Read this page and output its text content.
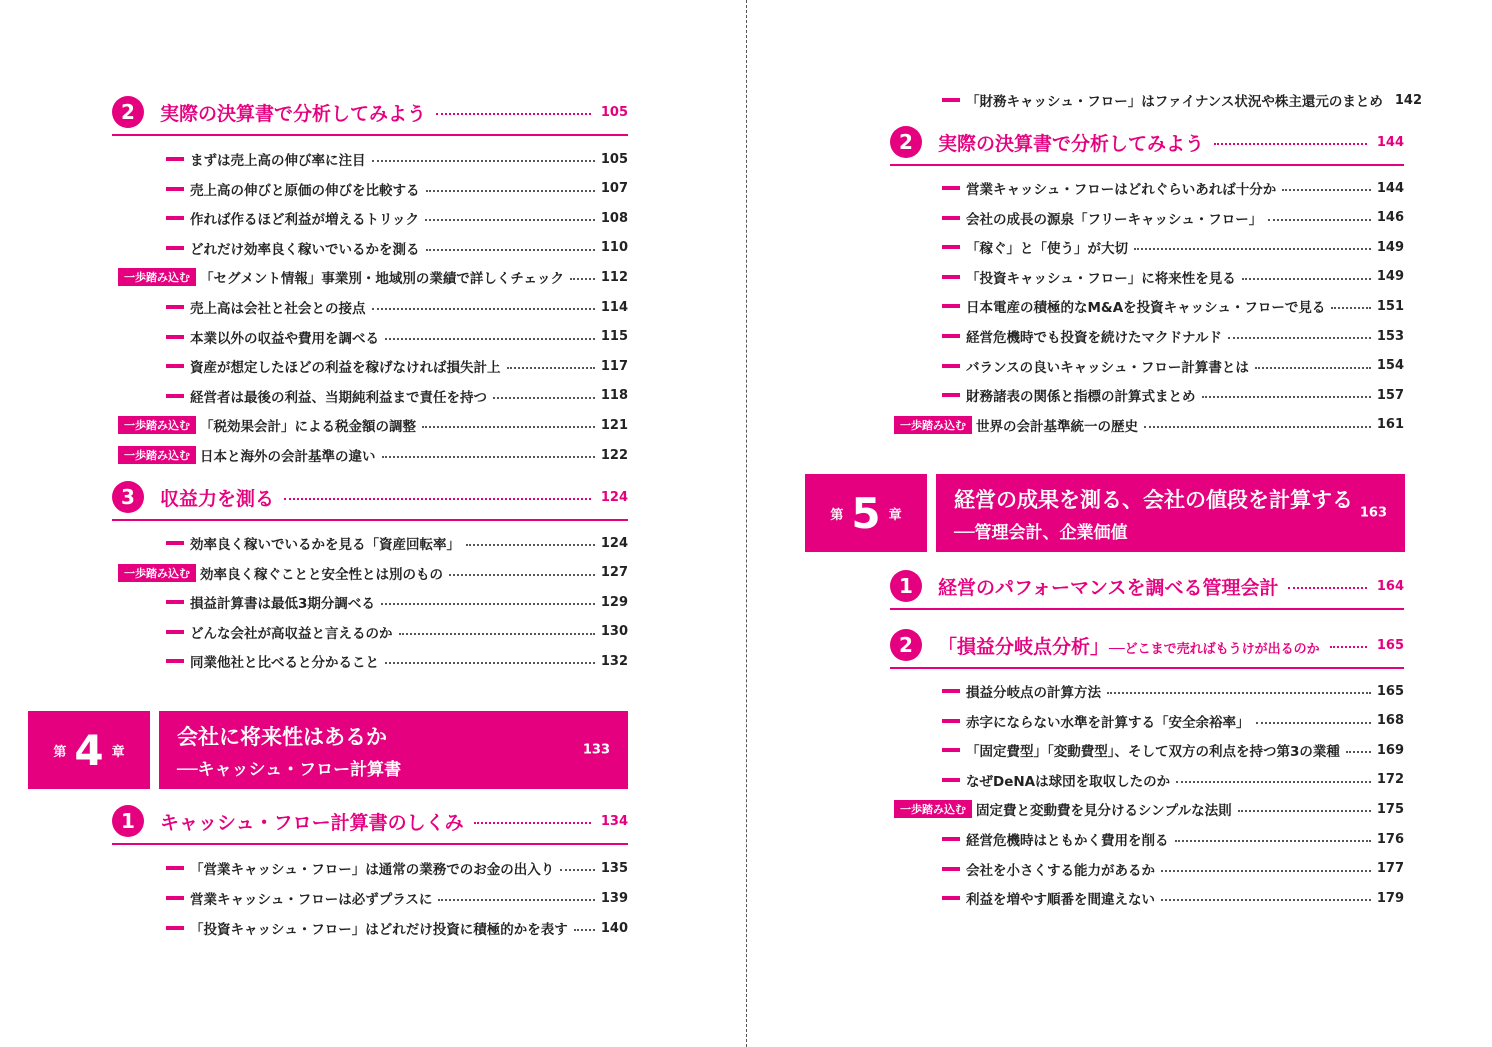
2	実際の決算書で分析してみよう	105
まずは売上高の伸び率に注目	105
売上高の伸びと原価の伸びを比較する	107
作れば作るほど利益が増えるトリック	108
どれだけ効率良く稼いでいるかを測る	110
一歩踏み込む 「セグメント情報」事業別・地域別の業績で詳しくチェック	112
売上高は会社と社会との接点	114
本業以外の収益や費用を調べる	115
資産が想定したほどの利益を稼げなければ損失計上	117
経営者は最後の利益、当期純利益まで責任を持つ	118
一歩踏み込む 「税効果会計」による税金額の調整	121
一歩踏み込む 日本と海外の会計基準の違い	122
3	収益力を測る	124
効率良く稼いでいるかを見る「資産回転率」	124
一歩踏み込む 効率良く稼ぐことと安全性とは別のもの	127
損益計算書は最低3期分調べる	129
どんな会社が高収益と言えるのか	130
同業他社と比べると分かること	132
第 4 章
会社に将来性はあるか
──キャッシュ・フロー計算書
133
1	キャッシュ・フロー計算書のしくみ	134
「営業キャッシュ・フロー」は通常の業務でのお金の出入り	135
営業キャッシュ・フローは必ずプラスに	139
「投資キャッシュ・フロー」はどれだけ投資に積極的かを表す	140
「財務キャッシュ・フロー」はファイナンス状況や株主還元のまとめ 142
2	実際の決算書で分析してみよう	144
営業キャッシュ・フローはどれぐらいあれば十分か	144
会社の成長の源泉「フリーキャッシュ・フロー」	146
「稼ぐ」と「使う」が大切	149
「投資キャッシュ・フロー」に将来性を見る	149
日本電産の積極的なM&Aを投資キャッシュ・フローで見る	151
経営危機時でも投資を続けたマクドナルド	153
バランスの良いキャッシュ・フロー計算書とは	154
財務諸表の関係と指標の計算式まとめ	157
一歩踏み込む 世界の会計基準統一の歴史	161
第 5 章
経営の成果を測る、会社の値段を計算する
──管理会計、企業価値
163
1	経営のパフォーマンスを調べる管理会計	164
2	「損益分岐点分析」──どこまで売ればもうけが出るのか	165
損益分岐点の計算方法	165
赤字にならない水準を計算する「安全余裕率」	168
「固定費型」「変動費型」、そして双方の利点を持つ第3の業種	169
なぜDeNAは球団を取収したのか	172
一歩踏み込む 固定費と変動費を見分けるシンプルな法則	175
経営危機時はともかく費用を削る	176
会社を小さくする能力があるか	177
利益を増やす順番を間違えない	179
